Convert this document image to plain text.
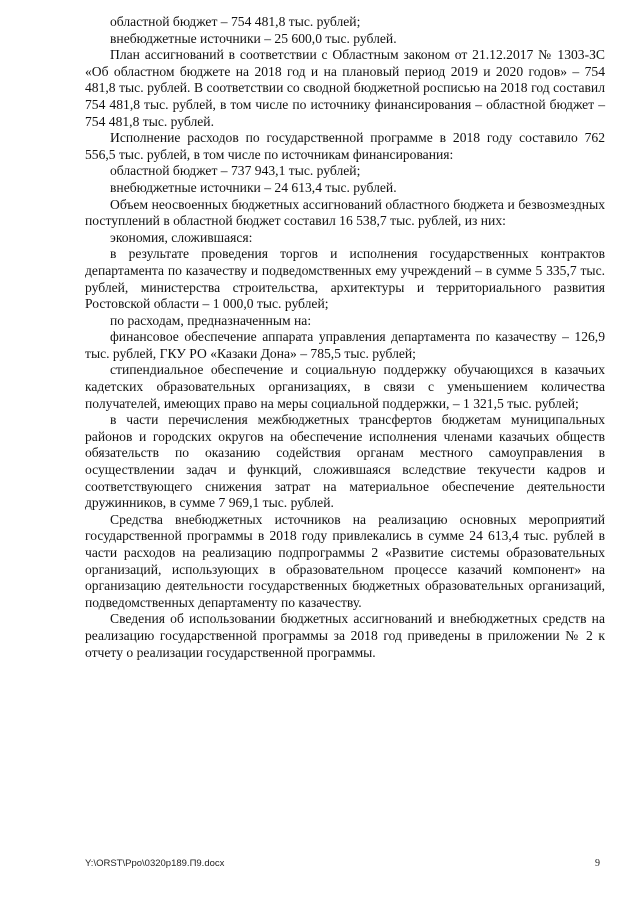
областной бюджет – 754 481,8 тыс. рублей;

внебюджетные источники – 25 600,0 тыс. рублей.

План ассигнований в соответствии с Областным законом от 21.12.2017 № 1303-ЗС «Об областном бюджете на 2018 год и на плановый период 2019 и 2020 годов» – 754 481,8 тыс. рублей. В соответствии со сводной бюджетной росписью на 2018 год составил 754 481,8 тыс. рублей, в том числе по источнику финансирования – областной бюджет – 754 481,8 тыс. рублей.

Исполнение расходов по государственной программе в 2018 году составило 762 556,5 тыс. рублей, в том числе по источникам финансирования:

областной бюджет – 737 943,1 тыс. рублей;

внебюджетные источники – 24 613,4 тыс. рублей.

Объем неосвоенных бюджетных ассигнований областного бюджета и безвозмездных поступлений в областной бюджет составил 16 538,7 тыс. рублей, из них:

экономия, сложившаяся:

в результате проведения торгов и исполнения государственных контрактов департамента по казачеству и подведомственных ему учреждений – в сумме 5 335,7 тыс. рублей, министерства строительства, архитектуры и территориального развития Ростовской области – 1 000,0 тыс. рублей;

по расходам, предназначенным на:

финансовое обеспечение аппарата управления департамента по казачеству – 126,9 тыс. рублей, ГКУ РО «Казаки Дона» – 785,5 тыс. рублей;

стипендиальное обеспечение и социальную поддержку обучающихся в казачьих кадетских образовательных организациях, в связи с уменьшением количества получателей, имеющих право на меры социальной поддержки, – 1 321,5 тыс. рублей;

в части перечисления межбюджетных трансфертов бюджетам муниципальных районов и городских округов на обеспечение исполнения членами казачьих обществ обязательств по оказанию содействия органам местного самоуправления в осуществлении задач и функций, сложившаяся вследствие текучести кадров и соответствующего снижения затрат на материальное обеспечение деятельности дружинников, в сумме 7 969,1 тыс. рублей.

Средства внебюджетных источников на реализацию основных мероприятий государственной программы в 2018 году привлекались в сумме 24 613,4 тыс. рублей в части расходов на реализацию подпрограммы 2 «Развитие системы образовательных организаций, использующих в образовательном процессе казачий компонент» на организацию деятельности государственных бюджетных образовательных организаций, подведомственных департаменту по казачеству.

Сведения об использовании бюджетных ассигнований и внебюджетных средств на реализацию государственной программы за 2018 год приведены в приложении № 2 к отчету о реализации государственной программы.

Y:\ORST\Ppo\0320p189.П9.docx	9
